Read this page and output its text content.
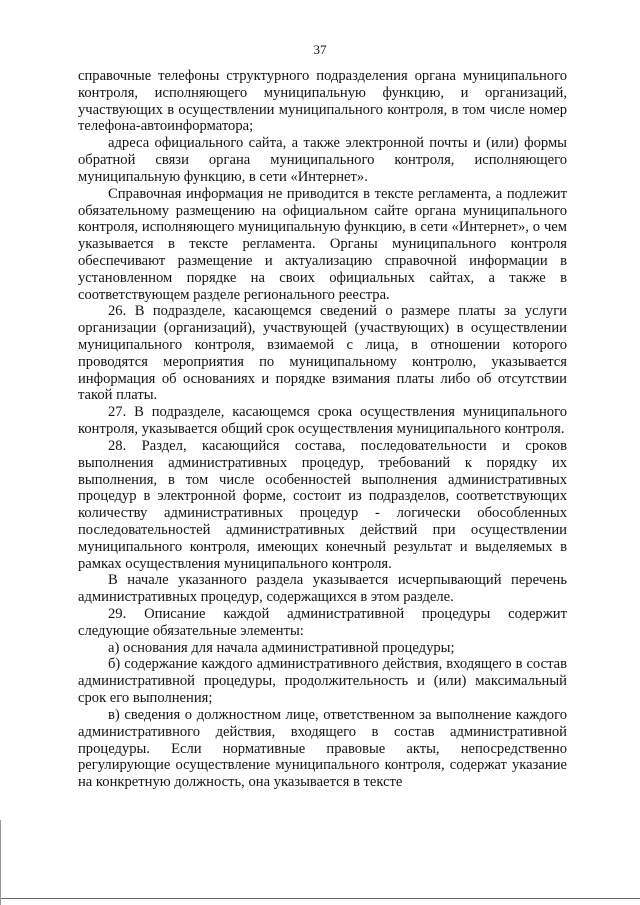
37

справочные телефоны структурного подразделения органа муниципального контроля, исполняющего муниципальную функцию, и организаций, участвующих в осуществлении муниципального контроля, в том числе номер телефона-автоинформатора;

адреса официального сайта, а также электронной почты и (или) формы обратной связи органа муниципального контроля, исполняющего муниципальную функцию, в сети «Интернет».

Справочная информация не приводится в тексте регламента, а подлежит обязательному размещению на официальном сайте органа муниципального контроля, исполняющего муниципальную функцию, в сети «Интернет», о чем указывается в тексте регламента. Органы муниципального контроля обеспечивают размещение и актуализацию справочной информации в установленном порядке на своих официальных сайтах, а также в соответствующем разделе регионального реестра.

26. В подразделе, касающемся сведений о размере платы за услуги организации (организаций), участвующей (участвующих) в осуществлении муниципального контроля, взимаемой с лица, в отношении которого проводятся мероприятия по муниципальному контролю, указывается информация об основаниях и порядке взимания платы либо об отсутствии такой платы.

27. В подразделе, касающемся срока осуществления муниципального контроля, указывается общий срок осуществления муниципального контроля.

28. Раздел, касающийся состава, последовательности и сроков выполнения административных процедур, требований к порядку их выполнения, в том числе особенностей выполнения административных процедур в электронной форме, состоит из подразделов, соответствующих количеству административных процедур - логически обособленных последовательностей административных действий при осуществлении муниципального контроля, имеющих конечный результат и выделяемых в рамках осуществления муниципального контроля.

В начале указанного раздела указывается исчерпывающий перечень административных процедур, содержащихся в этом разделе.

29. Описание каждой административной процедуры содержит следующие обязательные элементы:

а) основания для начала административной процедуры;

б) содержание каждого административного действия, входящего в состав административной процедуры, продолжительность и (или) максимальный срок его выполнения;

в) сведения о должностном лице, ответственном за выполнение каждого административного действия, входящего в состав административной процедуры. Если нормативные правовые акты, непосредственно регулирующие осуществление муниципального контроля, содержат указание на конкретную должность, она указывается в тексте
